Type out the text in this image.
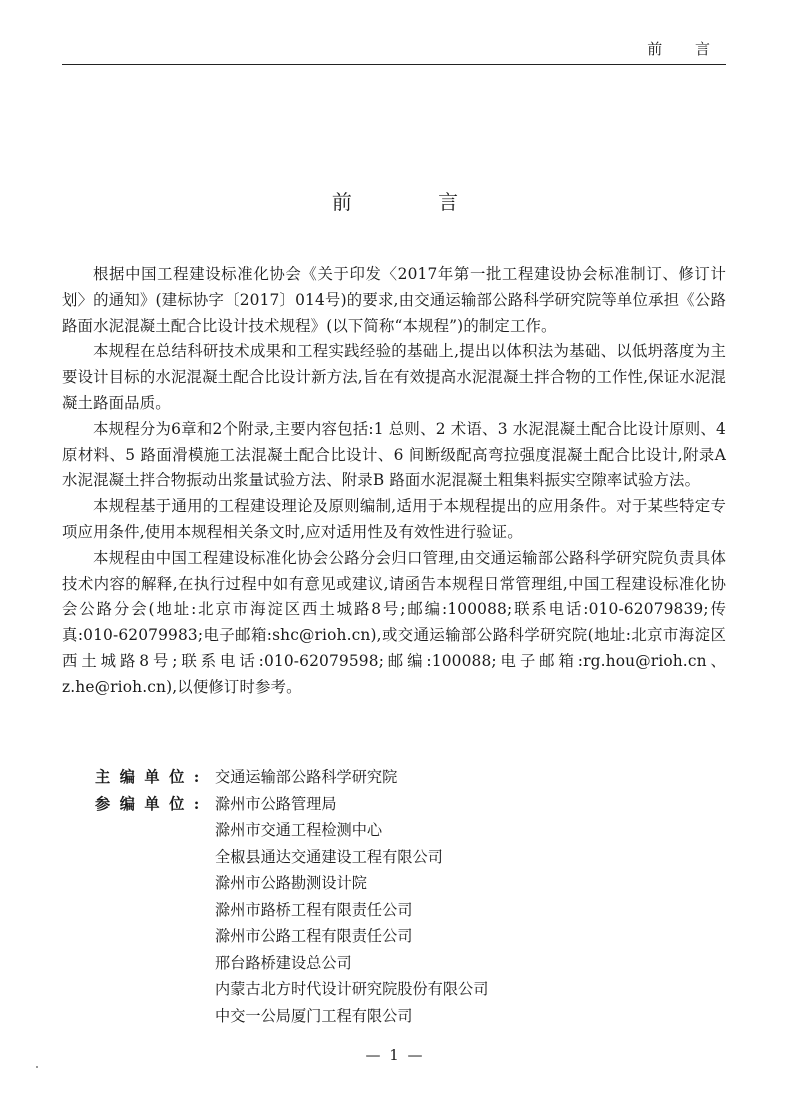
前 言
前 言

根据中国工程建设标准化协会《关于印发〈2017年第一批工程建设协会标准制订、修订计划〉的通知》(建标协字〔2017〕014号)的要求,由交通运输部公路科学研究院等单位承担《公路路面水泥混凝土配合比设计技术规程》(以下简称“本规程”)的制定工作。

本规程在总结科研技术成果和工程实践经验的基础上,提出以体积法为基础、以低坍落度为主要设计目标的水泥混凝土配合比设计新方法,旨在有效提高水泥混凝土拌合物的工作性,保证水泥混凝土路面品质。

本规程分为6章和2个附录,主要内容包括:1 总则、2 术语、3 水泥混凝土配合比设计原则、4 原材料、5 路面滑模施工法混凝土配合比设计、6 间断级配高弯拉强度混凝土配合比设计,附录A 水泥混凝土拌合物振动出浆量试验方法、附录B 路面水泥混凝土粗集料振实空隙率试验方法。

本规程基于通用的工程建设理论及原则编制,适用于本规程提出的应用条件。对于某些特定专项应用条件,使用本规程相关条文时,应对适用性及有效性进行验证。

本规程由中国工程建设标准化协会公路分会归口管理,由交通运输部公路科学研究院负责具体技术内容的解释,在执行过程中如有意见或建议,请函告本规程日常管理组,中国工程建设标准化协会公路分会(地址:北京市海淀区西土城路8号;邮编:100088;联系电话:010-62079839;传真:010-62079983;电子邮箱:shc@rioh.cn),或交通运输部公路科学研究院(地址:北京市海淀区西土城路8号;联系电话:010-62079598;邮编:100088;电子邮箱:rg.hou@rioh.cn、z.he@rioh.cn),以便修订时参考。

主编单位: 交通运输部公路科学研究院
参编单位: 滁州市公路管理局
滁州市交通工程检测中心
全椒县通达交通建设工程有限公司
滁州市公路勘测设计院
滁州市路桥工程有限责任公司
滁州市公路工程有限责任公司
邢台路桥建设总公司
内蒙古北方时代设计研究院股份有限公司
中交一公局厦门工程有限公司
— 1 —
